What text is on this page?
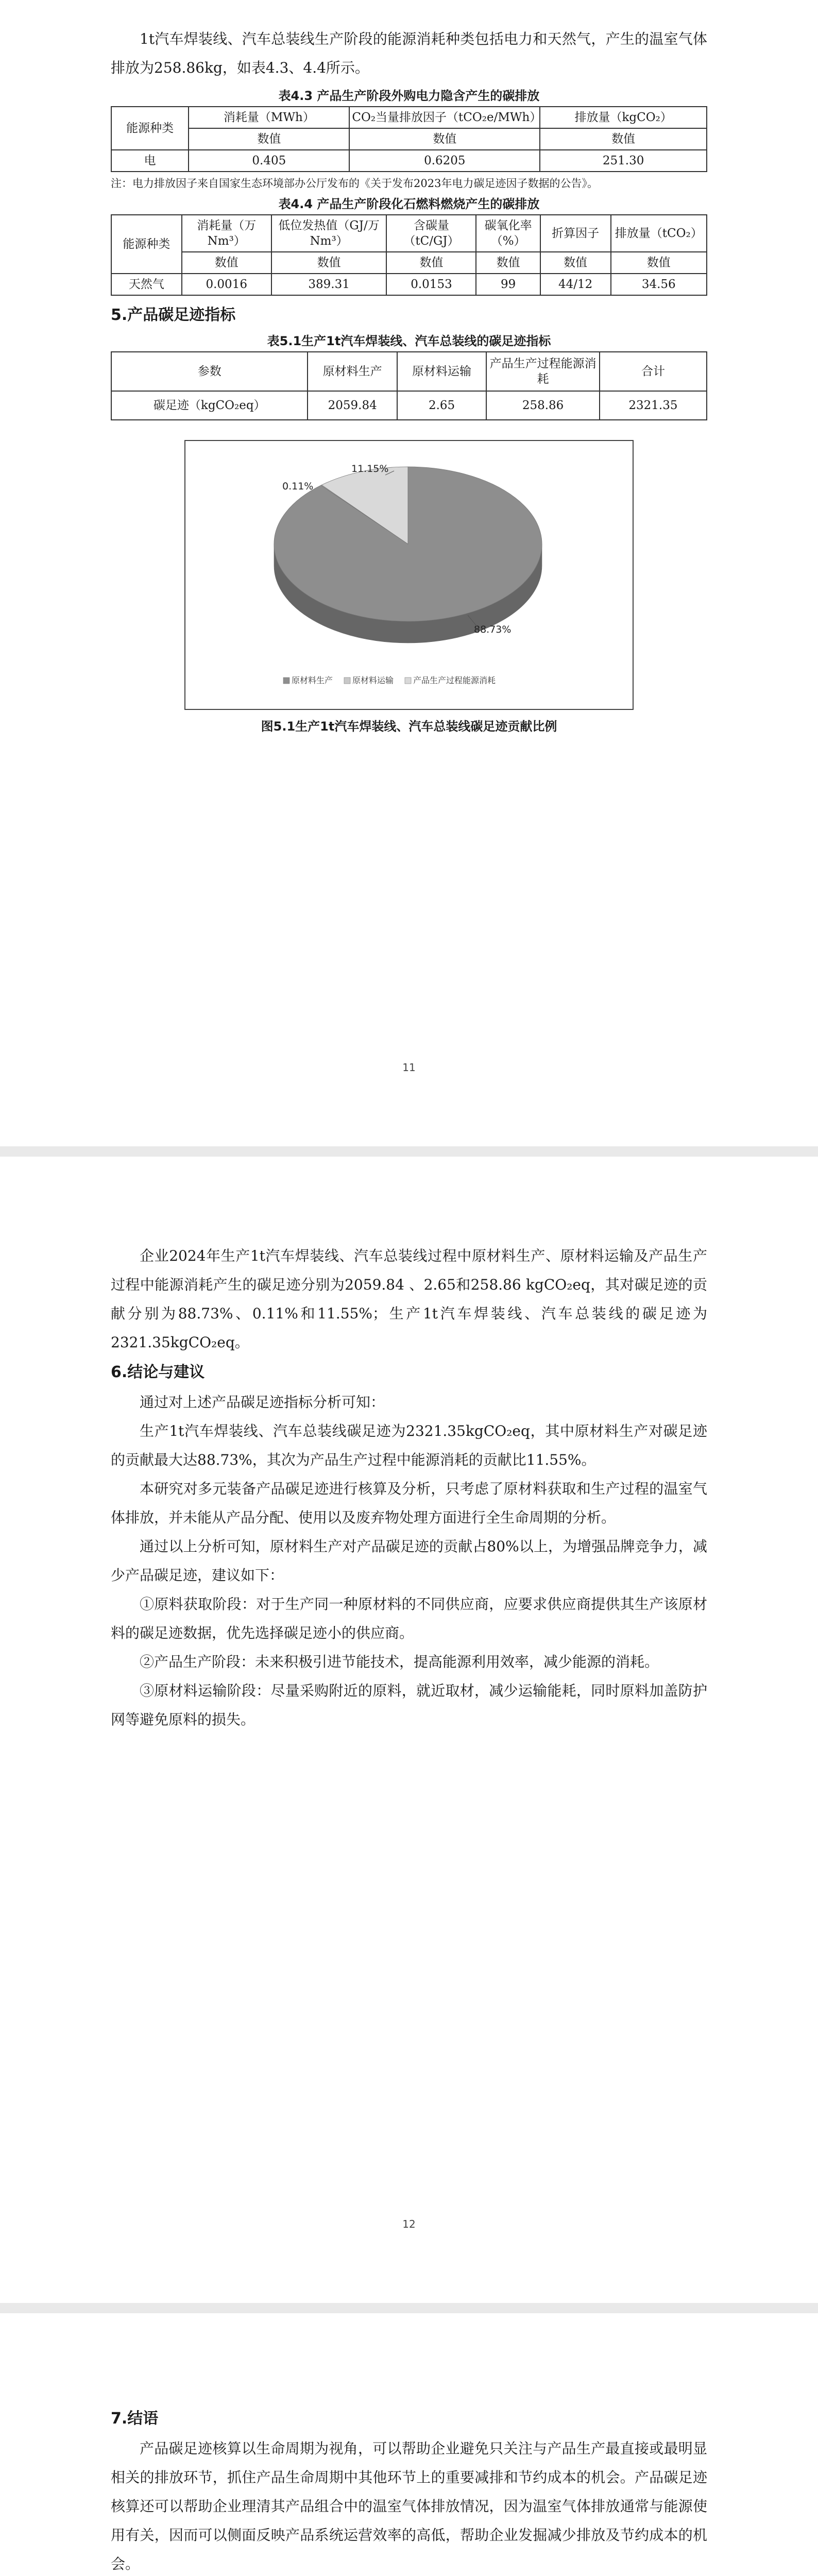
1t汽车焊装线、汽车总装线生产阶段的能源消耗种类包括电力和天然气，产生的温室气体排放为258.86kg，如表4.3、4.4所示。

表4.3 产品生产阶段外购电力隐含产生的碳排放

能源种类	消耗量（MWh）	CO₂当量排放因子（tCO₂e/MWh）	排放量（kgCO₂）
	数值	数值	数值
电	0.405	0.6205	251.30

注：电力排放因子来自国家生态环境部办公厅发布的《关于发布2023年电力碳足迹因子数据的公告》。

表4.4 产品生产阶段化石燃料燃烧产生的碳排放

能源种类	消耗量（万Nm³）	低位发热值（GJ/万Nm³）	含碳量（tC/GJ）	碳氧化率（%）	折算因子	排放量（tCO₂）
	数值	数值	数值	数值	数值	数值
天然气	0.0016	389.31	0.0153	99	44/12	34.56

5.产品碳足迹指标

表5.1生产1t汽车焊装线、汽车总装线的碳足迹指标

参数	原材料生产	原材料运输	产品生产过程能源消耗	合计
碳足迹（kgCO₂eq）	2059.84	2.65	258.86	2321.35
88.73%
0.11%
11.15%
原材料生产 原材料运输 产品生产过程能源消耗

图5.1生产1t汽车焊装线、汽车总装线碳足迹贡献比例

11

企业2024年生产1t汽车焊装线、汽车总装线过程中原材料生产、原材料运输及产品生产过程中能源消耗产生的碳足迹分别为2059.84 、2.65和258.86 kgCO₂eq，其对碳足迹的贡献分别为88.73%、0.11%和11.55%；生产1t汽车焊装线、汽车总装线的碳足迹为2321.35kgCO₂eq。

6.结论与建议

通过对上述产品碳足迹指标分析可知：

生产1t汽车焊装线、汽车总装线碳足迹为2321.35kgCO₂eq，其中原材料生产对碳足迹的贡献最大达88.73%，其次为产品生产过程中能源消耗的贡献比11.55%。

本研究对多元装备产品碳足迹进行核算及分析，只考虑了原材料获取和生产过程的温室气体排放，并未能从产品分配、使用以及废弃物处理方面进行全生命周期的分析。

通过以上分析可知，原材料生产对产品碳足迹的贡献占80%以上，为增强品牌竞争力，减少产品碳足迹，建议如下：

①原料获取阶段：对于生产同一种原材料的不同供应商，应要求供应商提供其生产该原材料的碳足迹数据，优先选择碳足迹小的供应商。

②产品生产阶段：未来积极引进节能技术，提高能源利用效率，减少能源的消耗。

③原材料运输阶段：尽量采购附近的原料，就近取材，减少运输能耗，同时原料加盖防护网等避免原料的损失。

12

7.结语

产品碳足迹核算以生命周期为视角，可以帮助企业避免只关注与产品生产最直接或最明显相关的排放环节，抓住产品生命周期中其他环节上的重要减排和节约成本的机会。产品碳足迹核算还可以帮助企业理清其产品组合中的温室气体排放情况，因为温室气体排放通常与能源使用有关，因而可以侧面反映产品系统运营效率的高低，帮助企业发掘减少排放及节约成本的机会。
